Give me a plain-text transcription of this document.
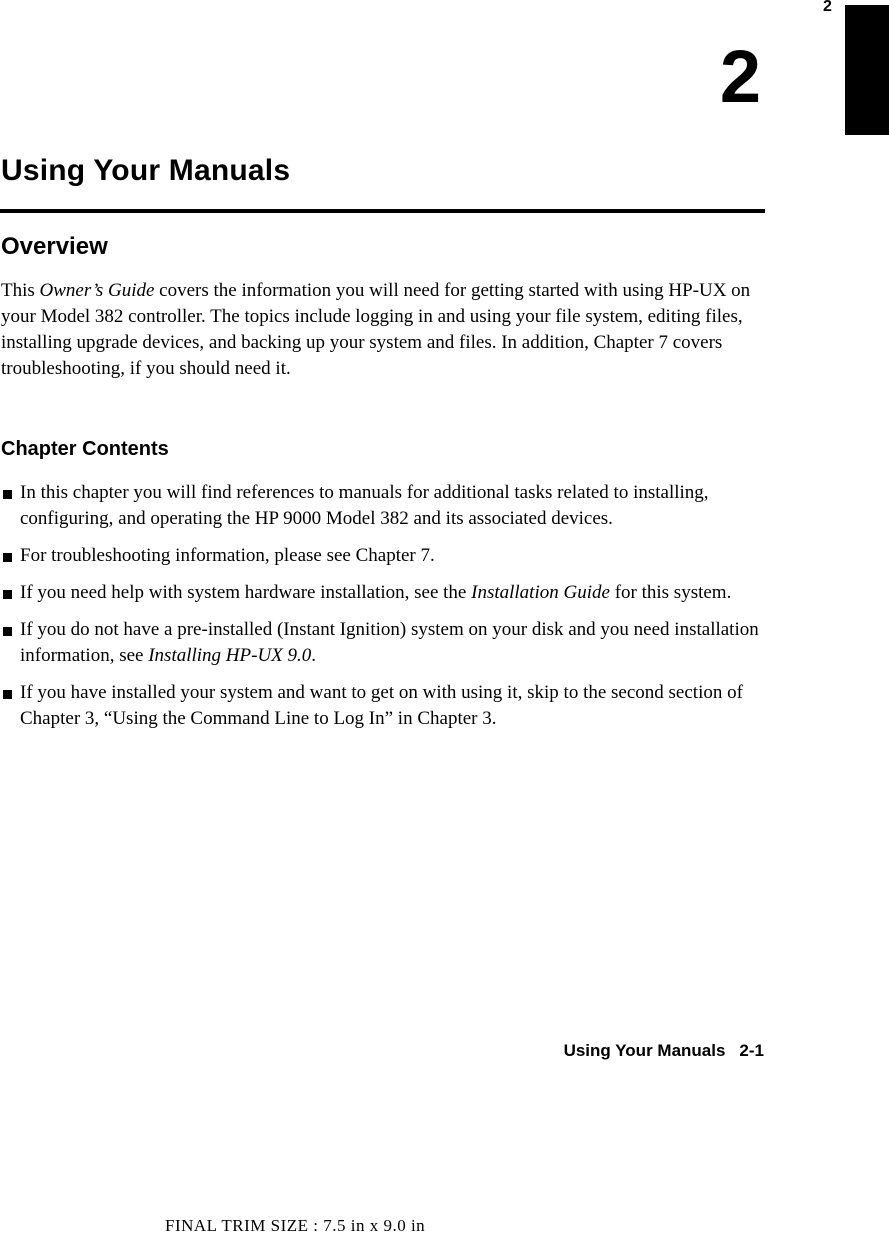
2
2
Using Your Manuals
Overview

This Owner’s Guide covers the information you will need for getting started with using HP-UX on your Model 382 controller. The topics include logging in and using your file system, editing files, installing upgrade devices, and backing up your system and files. In addition, Chapter 7 covers troubleshooting, if you should need it.

Chapter Contents
In this chapter you will find references to manuals for additional tasks related to installing, configuring, and operating the HP 9000 Model 382 and its associated devices.
For troubleshooting information, please see Chapter 7.
If you need help with system hardware installation, see the Installation Guide for this system.
If you do not have a pre-installed (Instant Ignition) system on your disk and you need installation information, see Installing HP-UX 9.0.
If you have installed your system and want to get on with using it, skip to the second section of Chapter 3, “Using the Command Line to Log In” in Chapter 3.
Using Your Manuals 2-1
FINAL TRIM SIZE : 7.5 in x 9.0 in
